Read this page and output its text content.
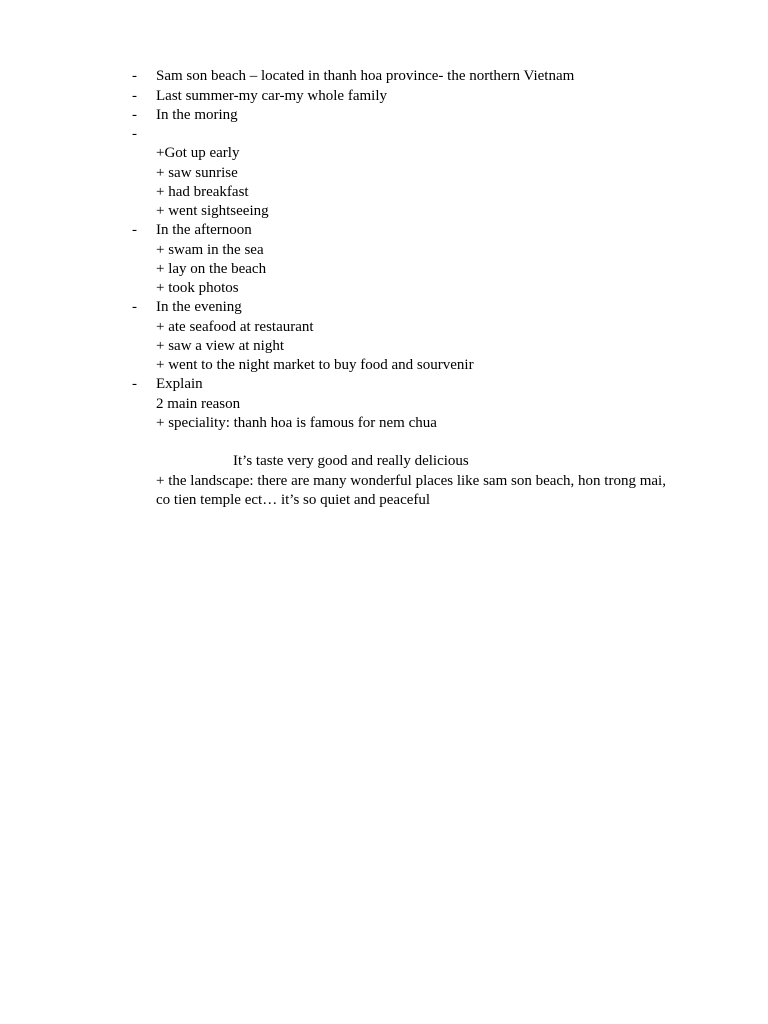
- Sam son beach – located in thanh hoa province- the northern Vietnam
- Last summer-my car-my whole family
- In the moring
-
+Got up early
+ saw sunrise
+ had breakfast
+ went sightseeing
- In the afternoon
+ swam in the sea
+ lay on the beach
+ took photos
- In the evening
+ ate seafood at restaurant
+ saw a view at night
+ went to the night market to buy food and sourvenir
- Explain
2 main reason
+ speciality: thanh hoa is famous for nem chua
It’s taste very good and really delicious
+ the landscape: there are many wonderful places like sam son beach, hon trong mai,
co tien temple ect… it’s so quiet and peaceful
